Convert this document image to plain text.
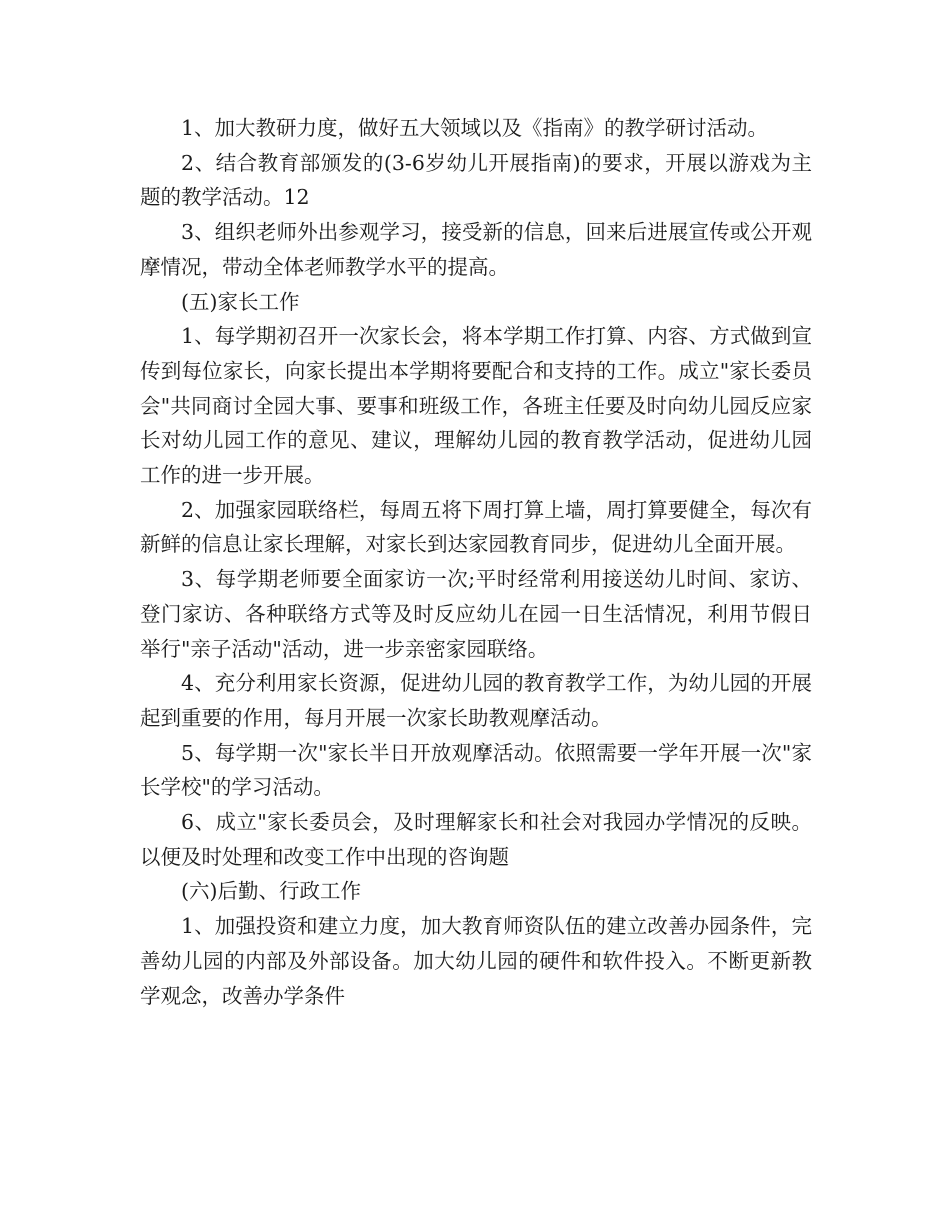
1、加大教研力度，做好五大领域以及《指南》的教学研讨活动。

2、结合教育部颁发的(3-6岁幼儿开展指南)的要求，开展以游戏为主题的教学活动。12

3、组织老师外出参观学习，接受新的信息，回来后进展宣传或公开观摩情况，带动全体老师教学水平的提高。

(五)家长工作

1、每学期初召开一次家长会，将本学期工作打算、内容、方式做到宣传到每位家长，向家长提出本学期将要配合和支持的工作。成立"家长委员会"共同商讨全园大事、要事和班级工作，各班主任要及时向幼儿园反应家长对幼儿园工作的意见、建议，理解幼儿园的教育教学活动，促进幼儿园工作的进一步开展。

2、加强家园联络栏，每周五将下周打算上墙，周打算要健全，每次有新鲜的信息让家长理解，对家长到达家园教育同步，促进幼儿全面开展。

3、每学期老师要全面家访一次;平时经常利用接送幼儿时间、家访、登门家访、各种联络方式等及时反应幼儿在园一日生活情况，利用节假日举行"亲子活动"活动，进一步亲密家园联络。

4、充分利用家长资源，促进幼儿园的教育教学工作，为幼儿园的开展起到重要的作用，每月开展一次家长助教观摩活动。

5、每学期一次"家长半日开放观摩活动。依照需要一学年开展一次"家长学校"的学习活动。

6、成立"家长委员会，及时理解家长和社会对我园办学情况的反映。以便及时处理和改变工作中出现的咨询题

(六)后勤、行政工作

1、加强投资和建立力度，加大教育师资队伍的建立改善办园条件，完善幼儿园的内部及外部设备。加大幼儿园的硬件和软件投入。不断更新教学观念，改善办学条件
